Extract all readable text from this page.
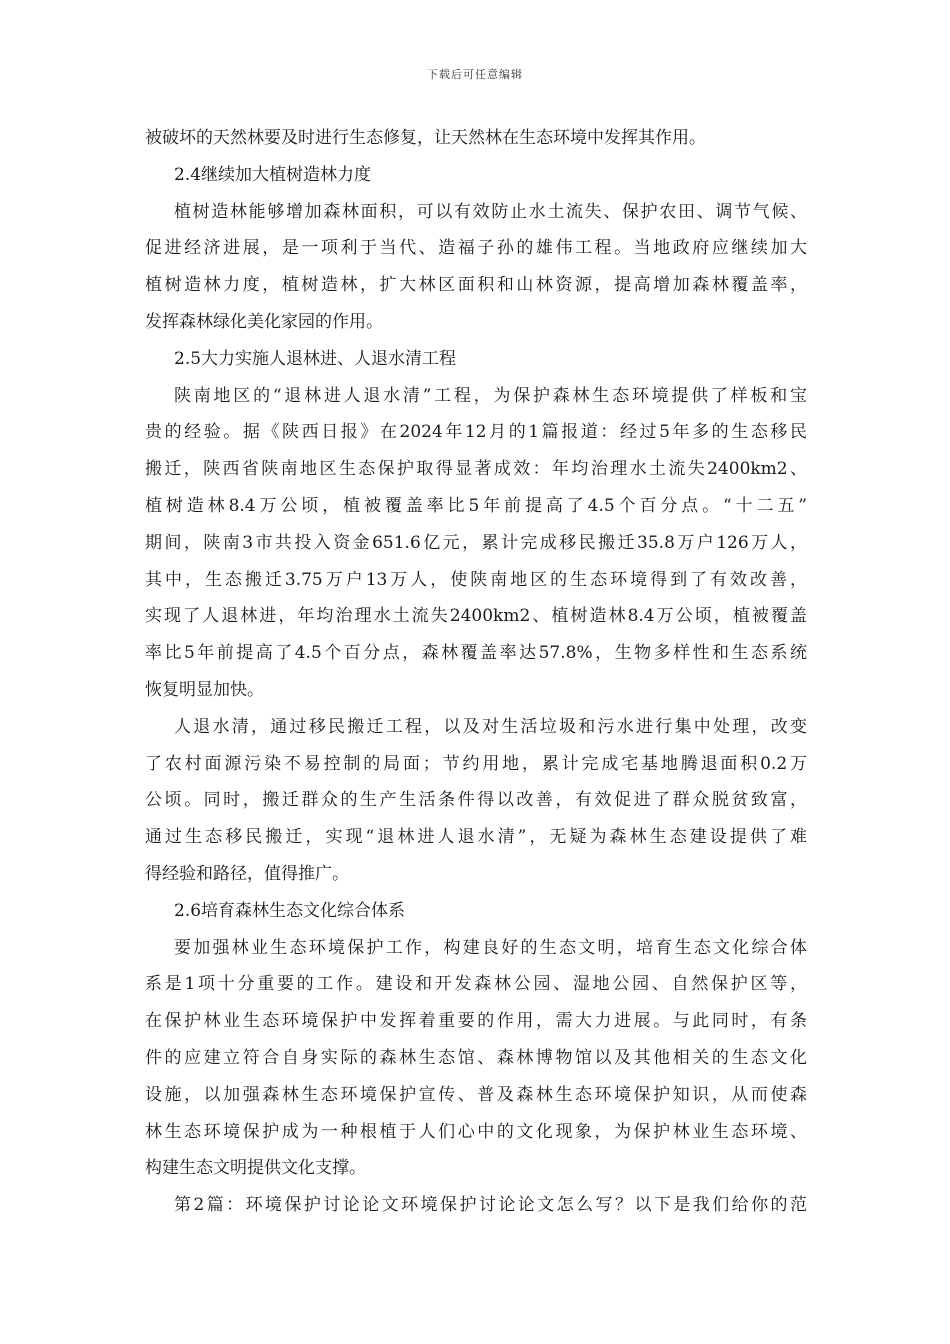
下载后可任意编辑
被破坏的天然林要及时进行生态修复，让天然林在生态环境中发挥其作用。
2.4继续加大植树造林力度
植树造林能够增加森林面积，可以有效防止水土流失、保护农田、调节气候、
促进经济进展，是一项利于当代、造福子孙的雄伟工程。当地政府应继续加大
植树造林力度，植树造林，扩大林区面积和山林资源，提高增加森林覆盖率，
发挥森林绿化美化家园的作用。
2.5大力实施人退林进、人退水清工程
陕南地区的“退林进人退水清”工程，为保护森林生态环境提供了样板和宝
贵的经验。据《陕西日报》在2024年12月的1篇报道：经过5年多的生态移民
搬迁，陕西省陕南地区生态保护取得显著成效：年均治理水土流失2400km2、
植树造林8.4万公顷，植被覆盖率比5年前提高了4.5个百分点。“十二五”
期间，陕南3市共投入资金651.6亿元，累计完成移民搬迁35.8万户126万人，
其中，生态搬迁3.75万户13万人，使陕南地区的生态环境得到了有效改善，
实现了人退林进，年均治理水土流失2400km2、植树造林8.4万公顷，植被覆盖
率比5年前提高了4.5个百分点，森林覆盖率达57.8%，生物多样性和生态系统
恢复明显加快。
人退水清，通过移民搬迁工程，以及对生活垃圾和污水进行集中处理，改变
了农村面源污染不易控制的局面；节约用地，累计完成宅基地腾退面积0.2万
公顷。同时，搬迁群众的生产生活条件得以改善，有效促进了群众脱贫致富，
通过生态移民搬迁，实现“退林进人退水清”，无疑为森林生态建设提供了难
得经验和路径，值得推广。
2.6培育森林生态文化综合体系
要加强林业生态环境保护工作，构建良好的生态文明，培育生态文化综合体
系是1项十分重要的工作。建设和开发森林公园、湿地公园、自然保护区等，
在保护林业生态环境保护中发挥着重要的作用，需大力进展。与此同时，有条
件的应建立符合自身实际的森林生态馆、森林博物馆以及其他相关的生态文化
设施，以加强森林生态环境保护宣传、普及森林生态环境保护知识，从而使森
林生态环境保护成为一种根植于人们心中的文化现象，为保护林业生态环境、
构建生态文明提供文化支撑。
第2篇：环境保护讨论论文环境保护讨论论文怎么写？以下是我们给你的范
